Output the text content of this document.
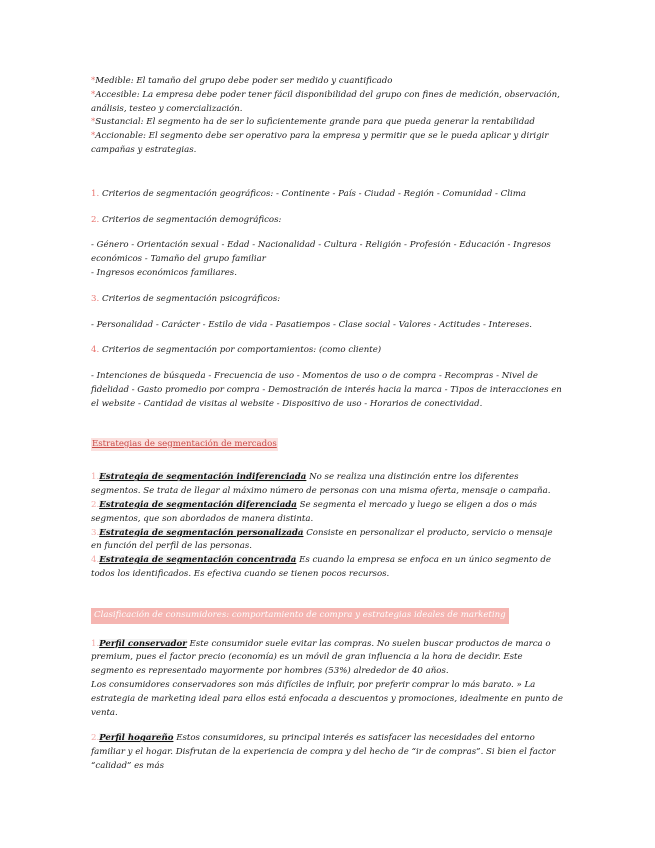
*Medible: El tamaño del grupo debe poder ser medido y cuantificado

*Accesible: La empresa debe poder tener fácil disponibilidad del grupo con fines de medición, observación, análisis, testeo y comercialización.

*Sustancial: El segmento ha de ser lo suficientemente grande para que pueda generar la rentabilidad

*Accionable: El segmento debe ser operativo para la empresa y permitir que se le pueda aplicar y dirigir campañas y estrategias.

1. Criterios de segmentación geográficos: - Continente - País - Ciudad - Región - Comunidad - Clima

2. Criterios de segmentación demográficos:

- Género - Orientación sexual - Edad - Nacionalidad - Cultura - Religión - Profesión - Educación - Ingresos económicos - Tamaño del grupo familiar

- Ingresos económicos familiares.

3. Criterios de segmentación psicográficos:

- Personalidad - Carácter - Estilo de vida - Pasatiempos - Clase social - Valores - Actitudes - Intereses.

4. Criterios de segmentación por comportamientos: (como cliente)

- Intenciones de búsqueda - Frecuencia de uso - Momentos de uso o de compra - Recompras - Nivel de fidelidad - Gasto promedio por compra - Demostración de interés hacia la marca - Tipos de interacciones en el website - Cantidad de visitas al website - Dispositivo de uso - Horarios de conectividad.

Estrategias de segmentación de mercados

1.Estrategia de segmentación indiferenciada No se realiza una distinción entre los diferentes segmentos. Se trata de llegar al máximo número de personas con una misma oferta, mensaje o campaña.

2.Estrategia de segmentación diferenciada Se segmenta el mercado y luego se eligen a dos o más segmentos, que son abordados de manera distinta.

3.Estrategia de segmentación personalizada Consiste en personalizar el producto, servicio o mensaje en función del perfil de las personas.

4.Estrategia de segmentación concentrada Es cuando la empresa se enfoca en un único segmento de todos los identificados. Es efectiva cuando se tienen pocos recursos.

Clasificación de consumidores: comportamiento de compra y estrategias ideales de marketing

1.Perfil conservador Este consumidor suele evitar las compras. No suelen buscar productos de marca o premium, pues el factor precio (economía) es un móvil de gran influencia a la hora de decidir. Este segmento es representado mayormente por hombres (53%) alrededor de 40 años.

Los consumidores conservadores son más difíciles de influir, por preferir comprar lo más barato. » La estrategia de marketing ideal para ellos está enfocada a descuentos y promociones, idealmente en punto de venta.

2.Perfil hogareño Estos consumidores, su principal interés es satisfacer las necesidades del entorno familiar y el hogar. Disfrutan de la experiencia de compra y del hecho de “ir de compras”. Si bien el factor “calidad” es más
